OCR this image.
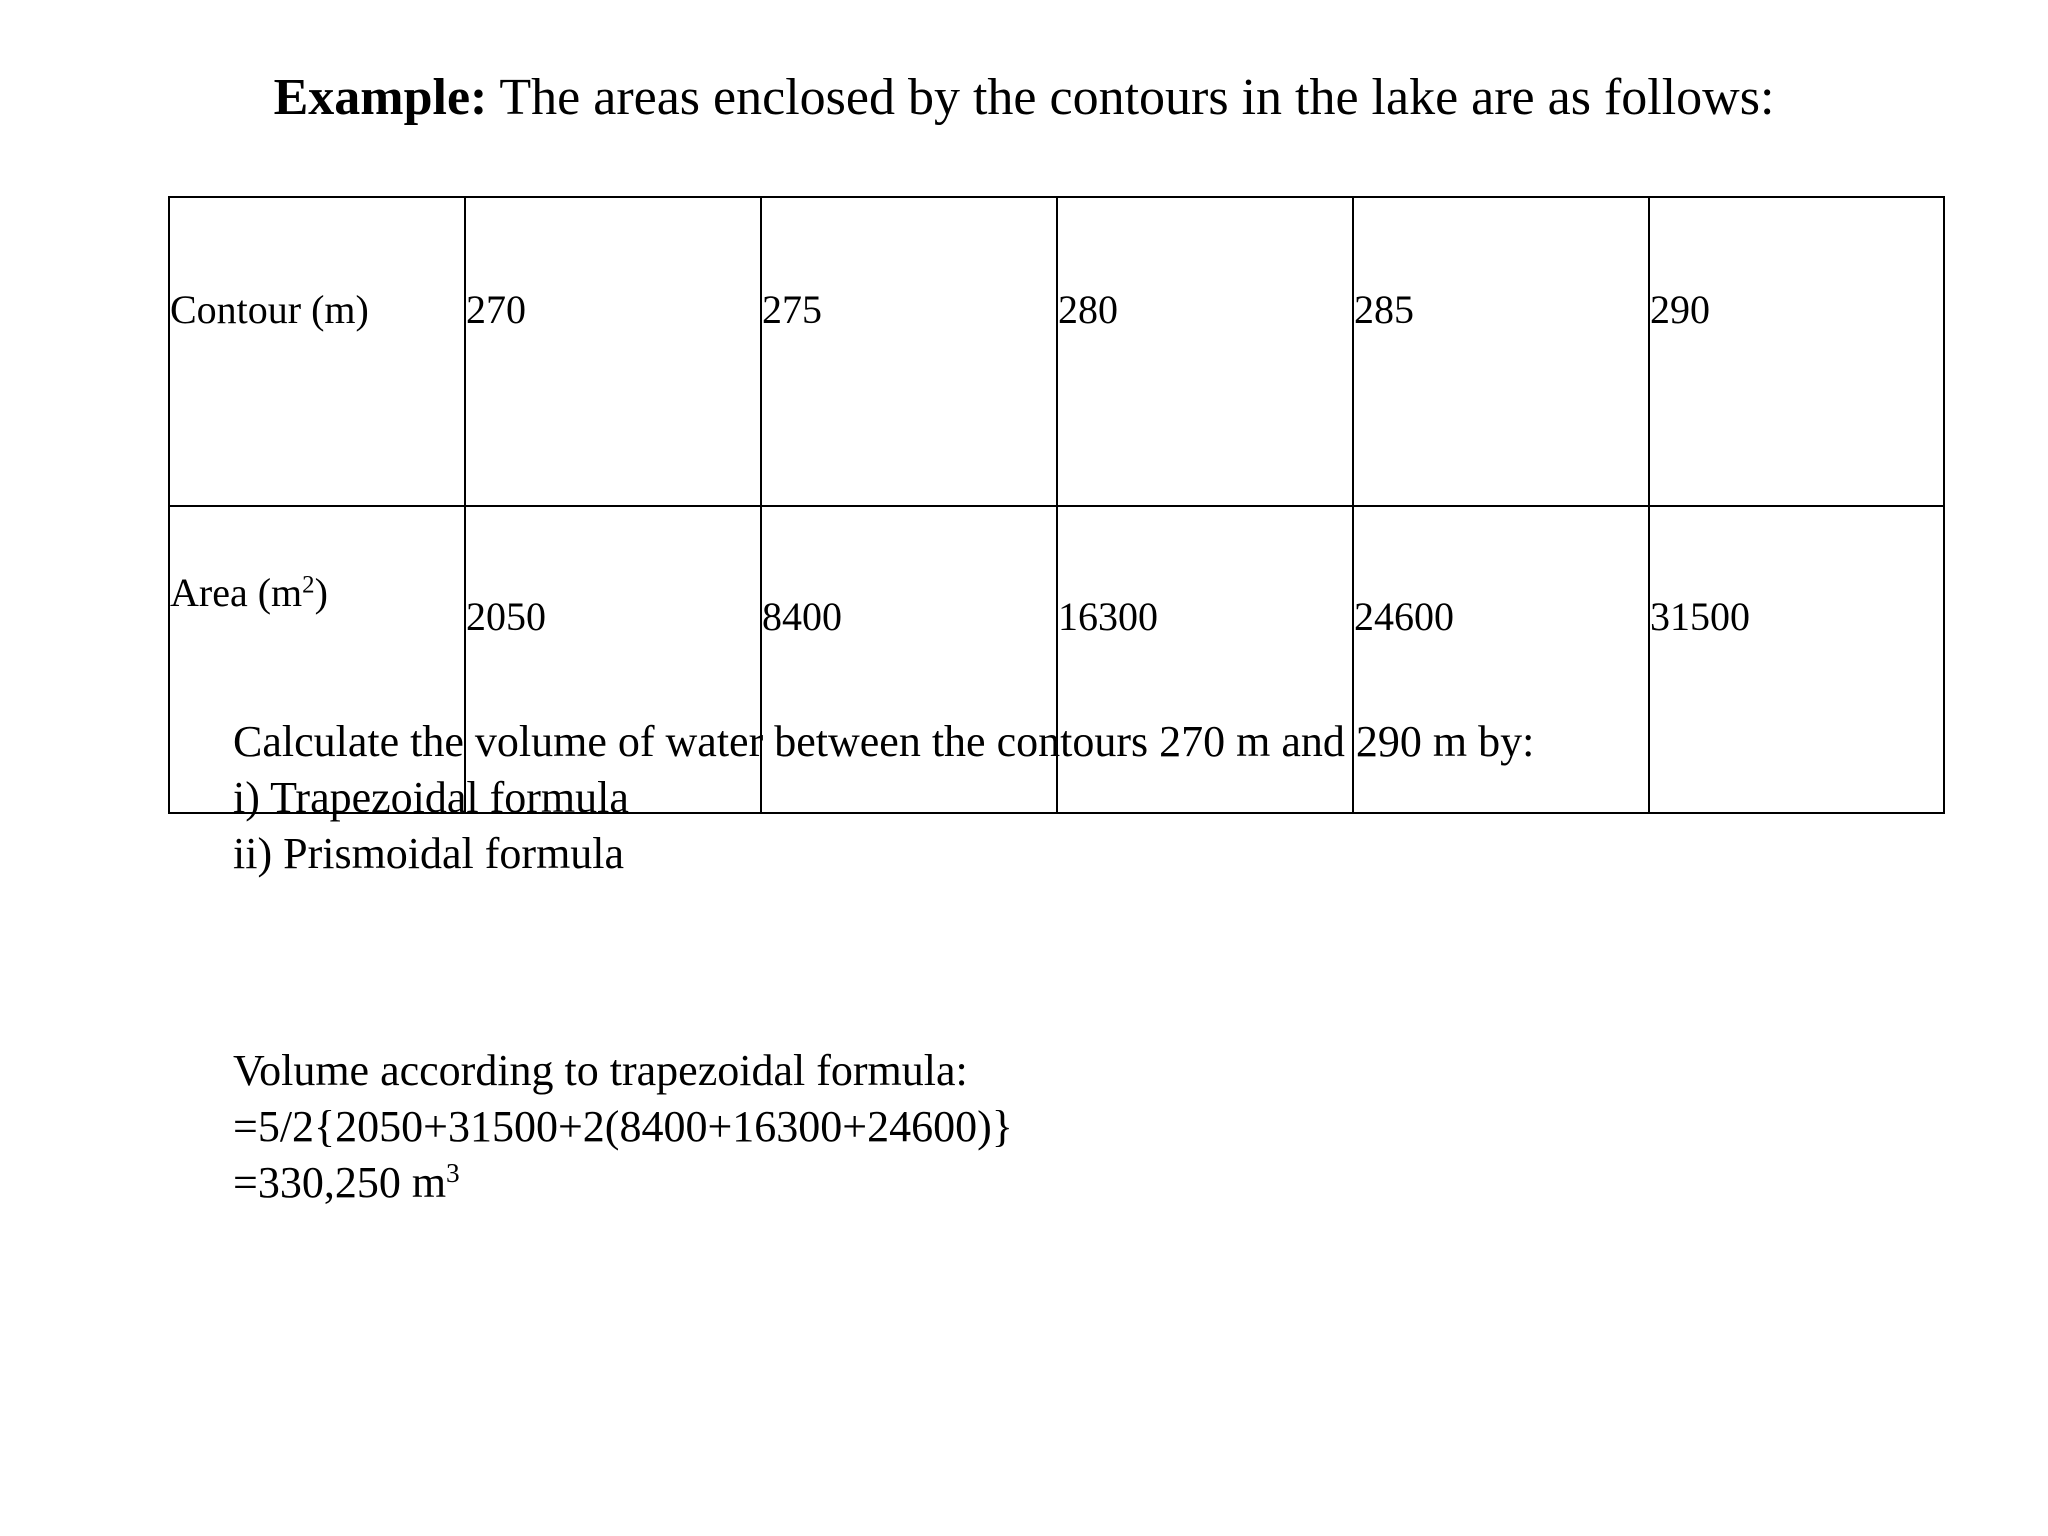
Example: The areas enclosed by the contours in the lake are as follows:
Contour (m)	270	275	280	285	290
Area $(m^2)$	2050	8400	16300	24600	31500
Calculate the volume of water between the contours 270 m and 290 m by:
i) Trapezoidal formula
ii) Prismoidal formula
Volume according to trapezoidal formula:
=5/2{2050+31500+2(8400+16300+24600)}
=330,250 $m^3$
